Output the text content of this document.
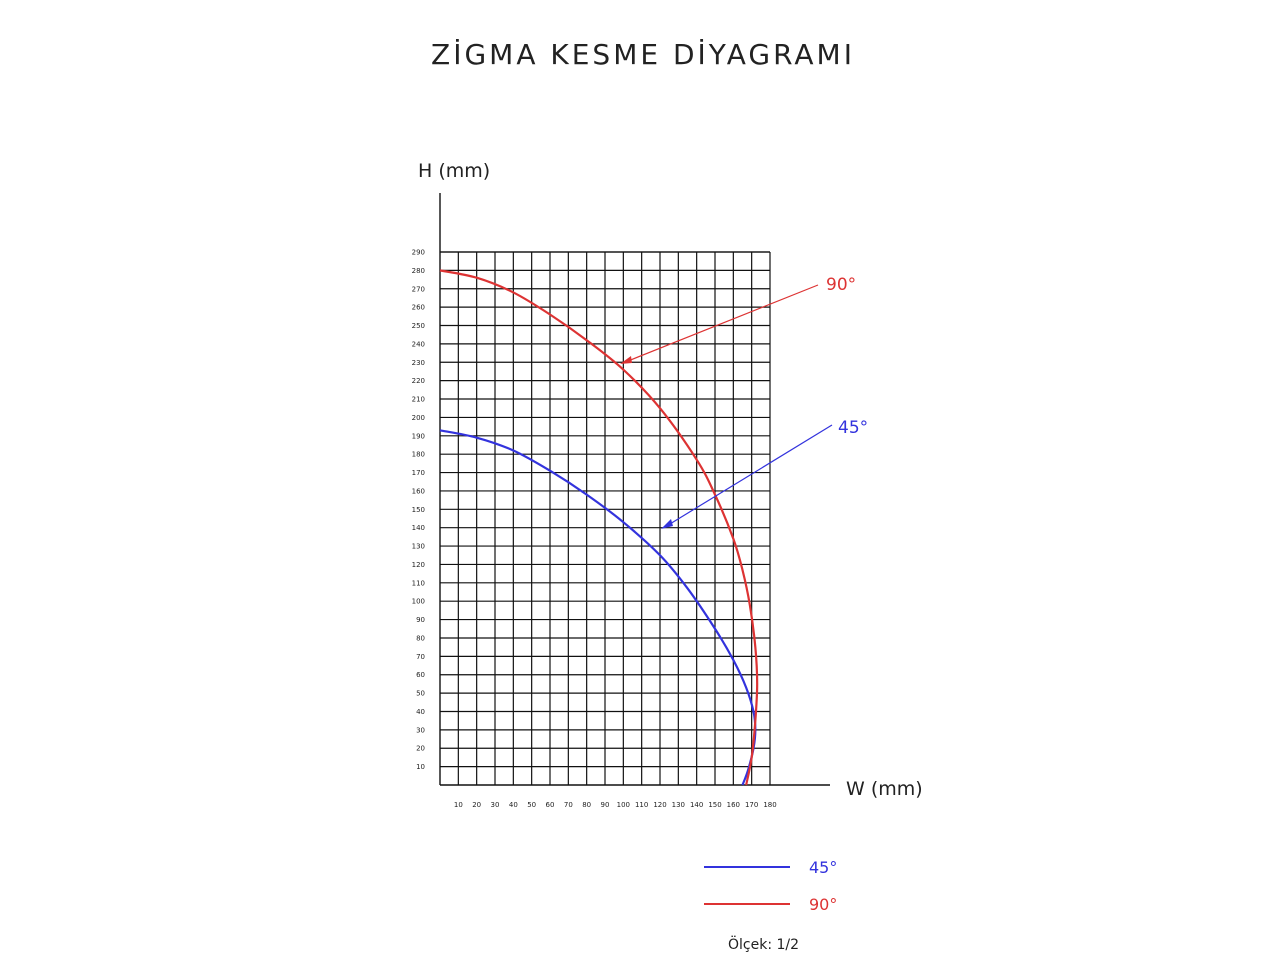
ZİGMA KESME DİYAGRAMI
H (mm)
W (mm)
10 20 30 40 50 60 70 80 90 100 110 120 130 140 150 160 170 180
10
20
30
40
50
60
70
80
90
100
110
120
130
140
150
160
170
180
190
200
210
220
230
240
250
260
270
280
290
90°
45°
45°
90°
Ölçek: 1/2
